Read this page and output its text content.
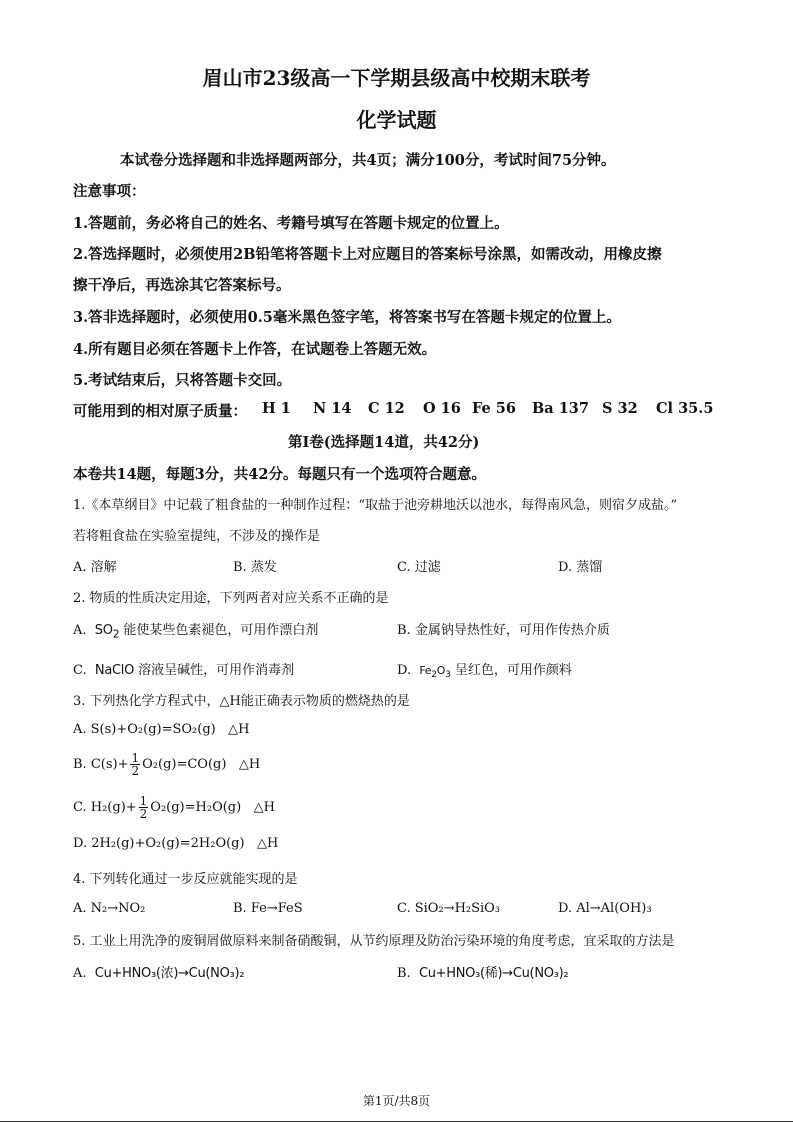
眉山市23级高一下学期县级高中校期末联考
化学试题
本试卷分选择题和非选择题两部分，共4页；满分100分，考试时间75分钟。
注意事项：
1.答题前，务必将自己的姓名、考籍号填写在答题卡规定的位置上。
2.答选择题时，必须使用2B铅笔将答题卡上对应题目的答案标号涂黑，如需改动，用橡皮擦
擦干净后，再选涂其它答案标号。
3.答非选择题时，必须使用0.5毫米黑色签字笔，将答案书写在答题卡规定的位置上。
4.所有题目必须在答题卡上作答，在试题卷上答题无效。
5.考试结束后，只将答题卡交回。
可能用到的相对原子质量： H 1 N 14 C 12 O 16 Fe 56 Ba 137 S 32 Cl 35.5
第Ⅰ卷(选择题14道，共42分)
本卷共14题，每题3分，共42分。每题只有一个选项符合题意。
1.《本草纲目》中记载了粗食盐的一种制作过程：“取盐于池旁耕地沃以池水，每得南风急，则宿夕成盐。”
若将粗食盐在实验室提纯，不涉及的操作是
A. 溶解	B. 蒸发	C. 过滤	D. 蒸馏
2. 物质的性质决定用途，下列两者对应关系不正确的是
A. $SO_2$ 能使某些色素褪色，可用作漂白剂	B. 金属钠导热性好，可用作传热介质
C. NaClO 溶液呈碱性，可用作消毒剂	D. $Fe_2O_3$ 呈红色，可用作颜料
3. 下列热化学方程式中，△H能正确表示物质的燃烧热的是
A. S(s)+O₂(g)=SO₂(g) △H
B. $C(s)+ \frac{1}{2} O_2(g)=CO(g)$ △H
C. $H_2(g)+ \frac{1}{2} O_2(g)=H_2O(g)$ △H
D. 2H₂(g)+O₂(g)=2H₂O(g) △H
4. 下列转化通过一步反应就能实现的是
A. N₂→NO₂	B. Fe→FeS	C. SiO₂→H₂SiO₃	D. Al→Al(OH)₃
5. 工业上用洗净的废铜屑做原料来制备硝酸铜，从节约原理及防治污染环境的角度考虑，宜采取的方法是
A. Cu+HNO₃(浓)→Cu(NO₃)₂	B. Cu+HNO₃(稀)→Cu(NO₃)₂
第1页/共8页
